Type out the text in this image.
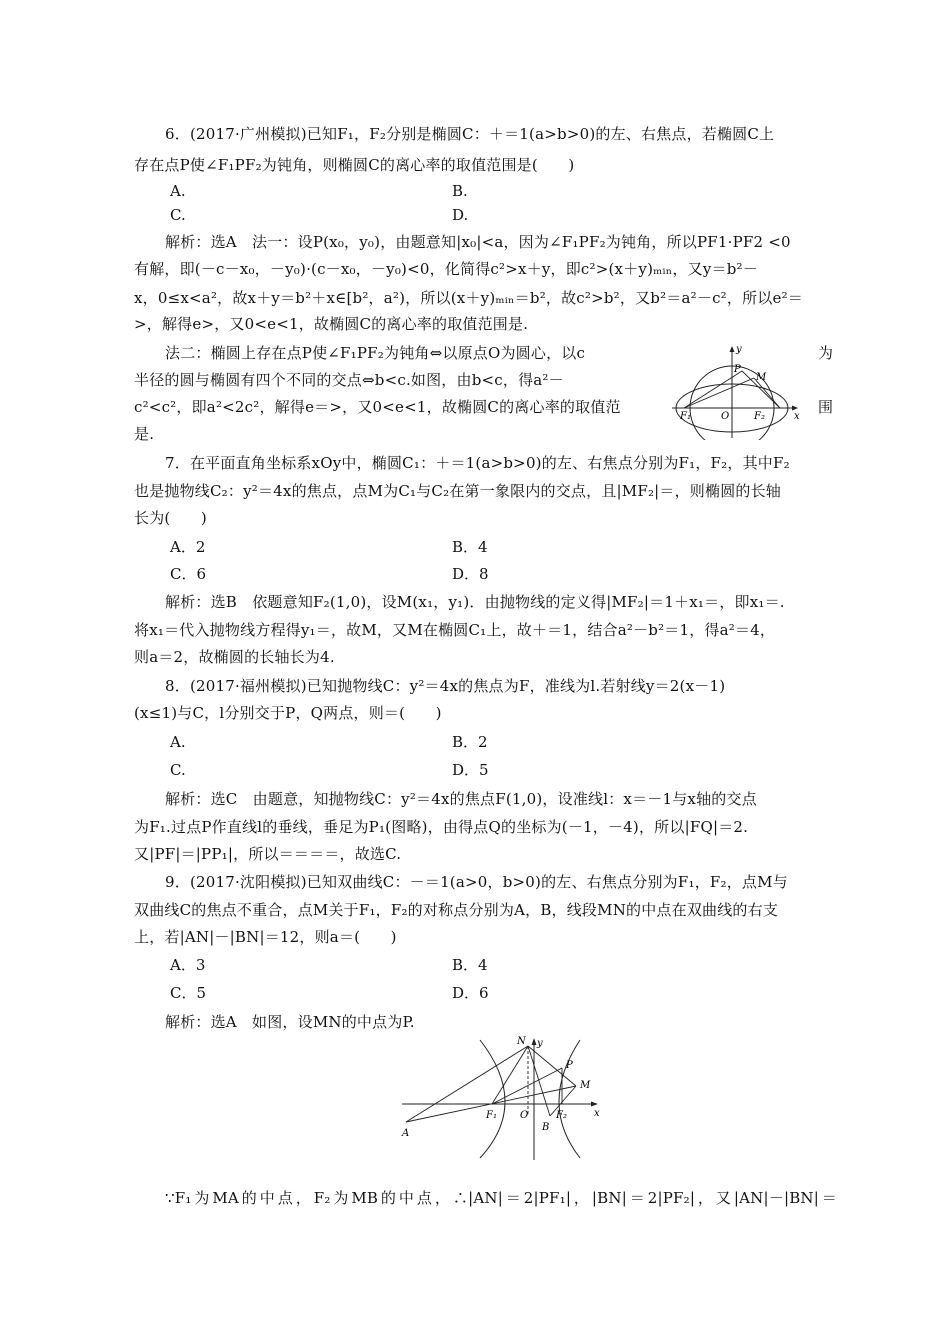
6．(2017·广州模拟)已知F₁，F₂分别是椭圆C：＋＝1(a>b>0)的左、右焦点，若椭圆C上
存在点P使∠F₁PF₂为钝角，则椭圆C的离心率的取值范围是(　　)
A.	B.
C.	D.
解析：选A　法一：设P(x₀，y₀)，由题意知|x₀|<a，因为∠F₁PF₂为钝角，所以PF1·PF2 <0
有解，即(－c－x₀，－y₀)·(c－x₀，－y₀)<0，化简得c²>x＋y，即c²>(x＋y)ₘᵢₙ，又y＝b²－
x，0≤x<a²，故x＋y＝b²＋x∈[b²，a²)，所以(x＋y)ₘᵢₙ＝b²，故c²>b²，又b²＝a²－c²，所以e²＝
>，解得e>，又0<e<1，故椭圆C的离心率的取值范围是.
法二：椭圆上存在点P使∠F₁PF₂为钝角⇔以原点O为圆心，以c	为
半径的圆与椭圆有四个不同的交点⇔b<c.如图，由b<c，得a²－
c²<c²，即a²<2c²，解得e＝>，又0<e<1，故椭圆C的离心率的取值范	围
是.
y
P
M
F₁	O F₂	x
7．在平面直角坐标系xOy中，椭圆C₁：＋＝1(a>b>0)的左、右焦点分别为F₁，F₂，其中F₂
也是抛物线C₂：y²＝4x的焦点，点M为C₁与C₂在第一象限内的交点，且|MF₂|＝，则椭圆的长轴
长为(　　)
A．2	B．4
C．6	D．8
解析：选B　依题意知F₂(1,0)，设M(x₁，y₁)．由抛物线的定义得|MF₂|＝1＋x₁＝，即x₁＝.
将x₁＝代入抛物线方程得y₁＝，故M，又M在椭圆C₁上，故＋＝1，结合a²－b²＝1，得a²＝4，
则a＝2，故椭圆的长轴长为4.
8．(2017·福州模拟)已知抛物线C：y²＝4x的焦点为F，准线为l.若射线y＝2(x－1)
(x≤1)与C，l分别交于P，Q两点，则＝(　　)
A.	B．2
C.	D．5
解析：选C　由题意，知抛物线C：y²＝4x的焦点F(1,0)，设准线l：x＝－1与x轴的交点
为F₁.过点P作直线l的垂线，垂足为P₁(图略)，由得点Q的坐标为(－1，－4)，所以|FQ|＝2.
又|PF|＝|PP₁|，所以＝＝＝＝，故选C.
9．(2017·沈阳模拟)已知双曲线C：－＝1(a>0，b>0)的左、右焦点分别为F₁，F₂，点M与
双曲线C的焦点不重合，点M关于F₁，F₂的对称点分别为A，B，线段MN的中点在双曲线的右支
上，若|AN|－|BN|＝12，则a＝(　　)
A．3	B．4
C．5	D．6
解析：选A　如图，设MN的中点为P.
y
N
P
M
F₁ O	F₂	x
A
B
∵F₁为MA的中点，F₂为MB的中点，∴|AN|＝2|PF₁|，|BN|＝2|PF₂|，又|AN|－|BN|＝
